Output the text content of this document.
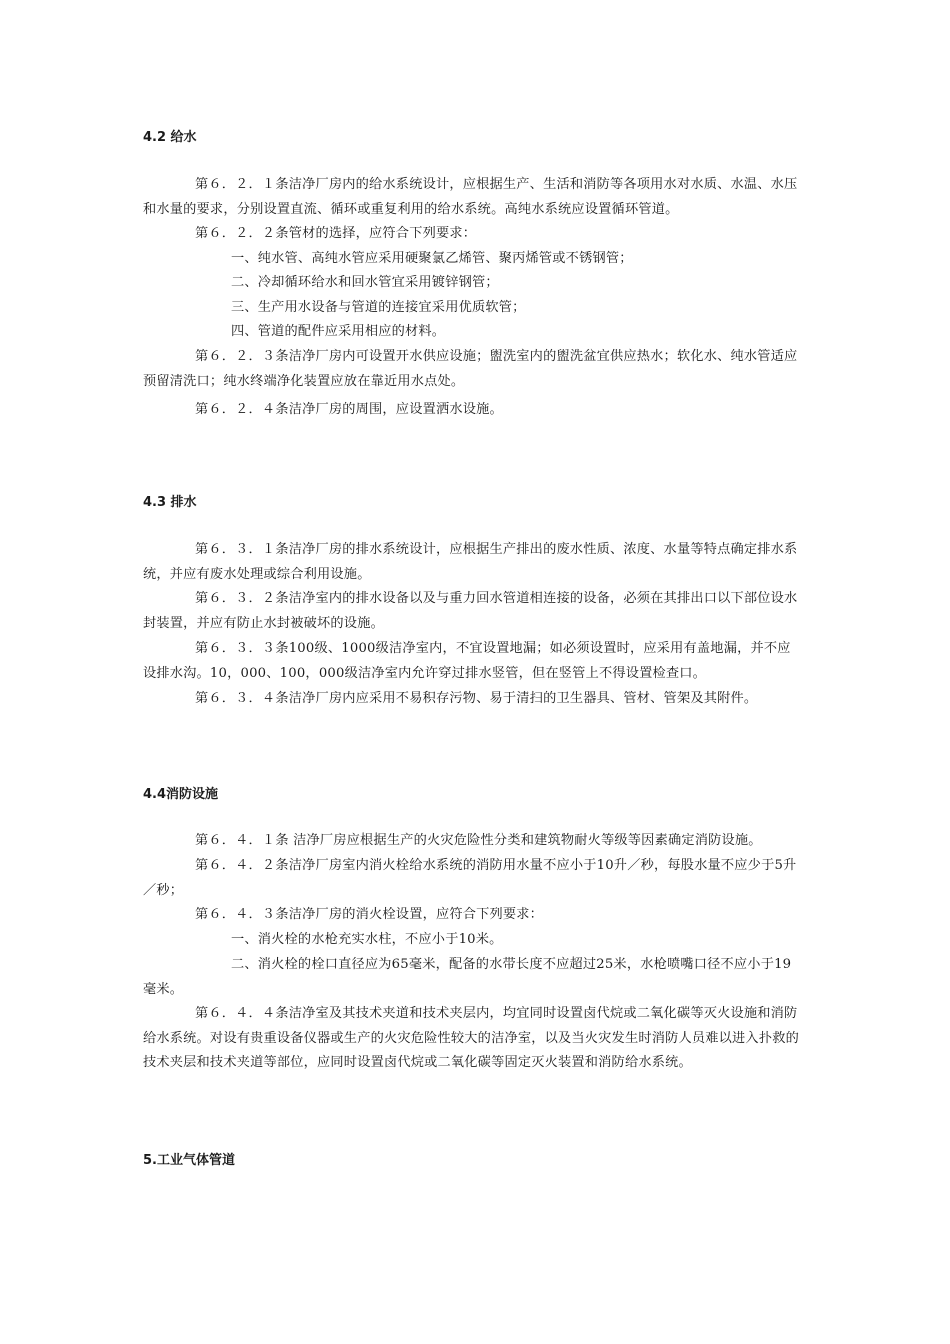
4.2 给水
第６．２．１条洁净厂房内的给水系统设计，应根据生产、生活和消防等各项用水对水质、水温、水压和水量的要求，分别设置直流、循环或重复利用的给水系统。高纯水系统应设置循环管道。
第６．２．２条管材的选择，应符合下列要求：
一、纯水管、高纯水管应采用硬聚氯乙烯管、聚丙烯管或不锈钢管；
二、冷却循环给水和回水管宜采用镀锌钢管；
三、生产用水设备与管道的连接宜采用优质软管；
四、管道的配件应采用相应的材料。
第６．２．３条洁净厂房内可设置开水供应设施；盥洗室内的盥洗盆宜供应热水；软化水、纯水管适应预留清洗口；纯水终端净化装置应放在靠近用水点处。
第６．２．４条洁净厂房的周围，应设置洒水设施。
4.3 排水
第６．３．１条洁净厂房的排水系统设计，应根据生产排出的废水性质、浓度、水量等特点确定排水系统，并应有废水处理或综合利用设施。
第６．３．２条洁净室内的排水设备以及与重力回水管道相连接的设备，必须在其排出口以下部位设水封装置，并应有防止水封被破坏的设施。
第６．３．３条100级、1000级洁净室内，不宜设置地漏；如必须设置时，应采用有盖地漏，并不应设排水沟。10，000、100，000级洁净室内允许穿过排水竖管，但在竖管上不得设置检查口。
第６．３．４条洁净厂房内应采用不易积存污物、易于清扫的卫生器具、管材、管架及其附件。
4.4消防设施
第６．４．１条 洁净厂房应根据生产的火灾危险性分类和建筑物耐火等级等因素确定消防设施。
第６．４．２条洁净厂房室内消火栓给水系统的消防用水量不应小于10升／秒，每股水量不应少于5升／秒；
第６．４．３条洁净厂房的消火栓设置，应符合下列要求：
一、消火栓的水枪充实水柱，不应小于10米。
二、消火栓的栓口直径应为65毫米，配备的水带长度不应超过25米，水枪喷嘴口径不应小于19毫米。
第６．４．４条洁净室及其技术夹道和技术夹层内，均宜同时设置卤代烷或二氧化碳等灭火设施和消防给水系统。对设有贵重设备仪器或生产的火灾危险性较大的洁净室，以及当火灾发生时消防人员难以进入扑救的技术夹层和技术夹道等部位，应同时设置卤代烷或二氧化碳等固定灭火装置和消防给水系统。
5.工业气体管道
